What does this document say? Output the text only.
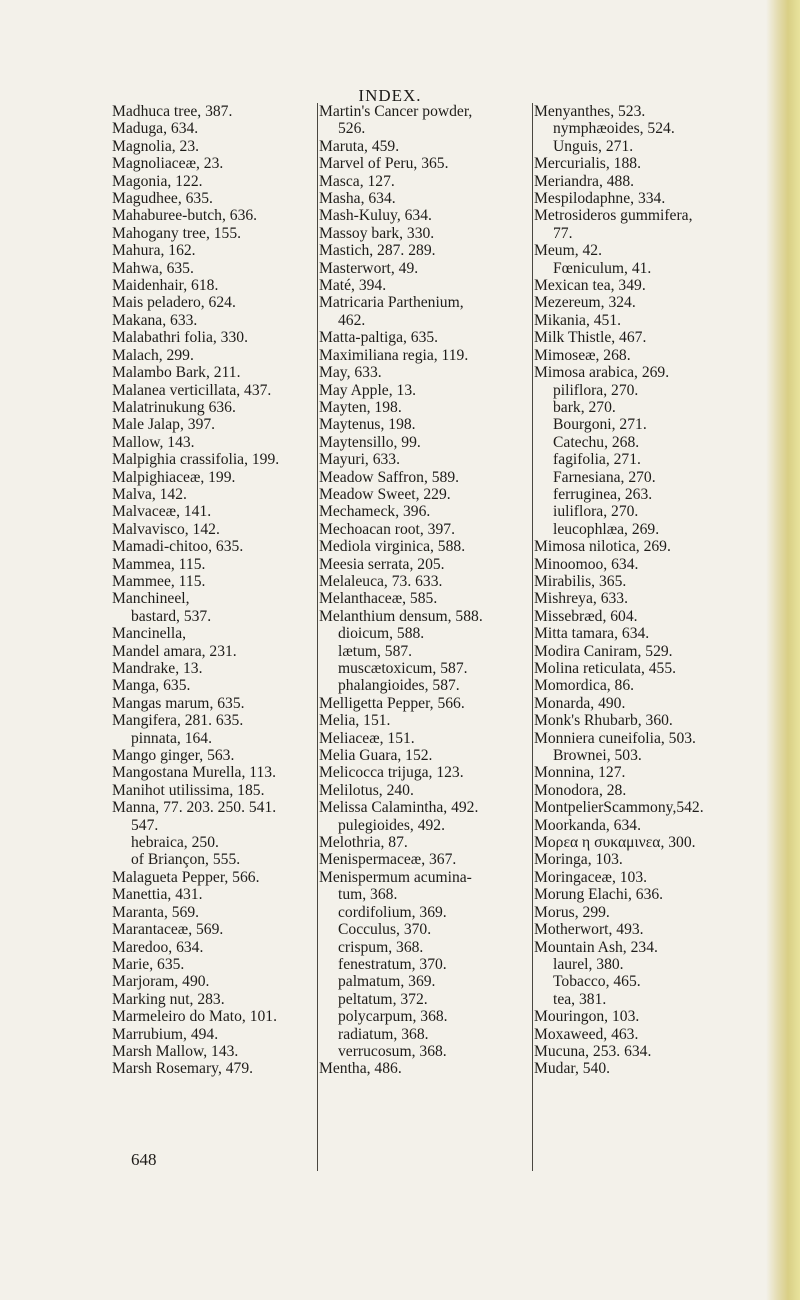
INDEX.
Madhuca tree, 387.
Maduga, 634.
Magnolia, 23.
Magnoliaceæ, 23.
Magonia, 122.
Magudhee, 635.
Mahaburee-butch, 636.
Mahogany tree, 155.
Mahura, 162.
Mahwa, 635.
Maidenhair, 618.
Mais peladero, 624.
Makana, 633.
Malabathri folia, 330.
Malach, 299.
Malambo Bark, 211.
Malanea verticillata, 437.
Malatrinukung 636.
Male Jalap, 397.
Mallow, 143.
Malpighia crassifolia, 199.
Malpighiaceæ, 199.
Malva, 142.
Malvaceæ, 141.
Malvavisco, 142.
Mamadi-chitoo, 635.
Mammea, 115.
Mammee, 115.
Manchineel,
bastard, 537.
Mancinella,
Mandel amara, 231.
Mandrake, 13.
Manga, 635.
Mangas marum, 635.
Mangifera, 281. 635.
pinnata, 164.
Mango ginger, 563.
Mangostana Murella, 113.
Manihot utilissima, 185.
Manna, 77. 203. 250. 541.
547.
hebraica, 250.
of Briançon, 555.
Malagueta Pepper, 566.
Manettia, 431.
Maranta, 569.
Marantaceæ, 569.
Maredoo, 634.
Marie, 635.
Marjoram, 490.
Marking nut, 283.
Marmeleiro do Mato, 101.
Marrubium, 494.
Marsh Mallow, 143.
Marsh Rosemary, 479.
Martin's Cancer powder,
526.
Maruta, 459.
Marvel of Peru, 365.
Masca, 127.
Masha, 634.
Mash-Kuluy, 634.
Massoy bark, 330.
Mastich, 287. 289.
Masterwort, 49.
Maté, 394.
Matricaria Parthenium,
462.
Matta-paltiga, 635.
Maximiliana regia, 119.
May, 633.
May Apple, 13.
Mayten, 198.
Maytenus, 198.
Maytensillo, 99.
Mayuri, 633.
Meadow Saffron, 589.
Meadow Sweet, 229.
Mechameck, 396.
Mechoacan root, 397.
Mediola virginica, 588.
Meesia serrata, 205.
Melaleuca, 73. 633.
Melanthaceæ, 585.
Melanthium densum, 588.
dioicum, 588.
lætum, 587.
muscætoxicum, 587.
phalangioides, 587.
Melligetta Pepper, 566.
Melia, 151.
Meliaceæ, 151.
Melia Guara, 152.
Melicocca trijuga, 123.
Melilotus, 240.
Melissa Calamintha, 492.
pulegioides, 492.
Melothria, 87.
Menispermaceæ, 367.
Menispermum acumina-
tum, 368.
cordifolium, 369.
Cocculus, 370.
crispum, 368.
fenestratum, 370.
palmatum, 369.
peltatum, 372.
polycarpum, 368.
radiatum, 368.
verrucosum, 368.
Mentha, 486.
Menyanthes, 523.
nymphæoides, 524.
Unguis, 271.
Mercurialis, 188.
Meriandra, 488.
Mespilodaphne, 334.
Metrosideros gummifera,
77.
Meum, 42.
Fœniculum, 41.
Mexican tea, 349.
Mezereum, 324.
Mikania, 451.
Milk Thistle, 467.
Mimoseæ, 268.
Mimosa arabica, 269.
piliflora, 270.
bark, 270.
Bourgoni, 271.
Catechu, 268.
fagifolia, 271.
Farnesiana, 270.
ferruginea, 263.
iuliflora, 270.
leucophlæa, 269.
Mimosa nilotica, 269.
Minoomoo, 634.
Mirabilis, 365.
Mishreya, 633.
Missebræd, 604.
Mitta tamara, 634.
Modira Caniram, 529.
Molina reticulata, 455.
Momordica, 86.
Monarda, 490.
Monk's Rhubarb, 360.
Monniera cuneifolia, 503.
Brownei, 503.
Monnina, 127.
Monodora, 28.
MontpelierScammony,542.
Moorkanda, 634.
Μορεα η συκαμινεα, 300.
Moringa, 103.
Moringaceæ, 103.
Morung Elachi, 636.
Morus, 299.
Motherwort, 493.
Mountain Ash, 234.
laurel, 380.
Tobacco, 465.
tea, 381.
Mouringon, 103.
Moxaweed, 463.
Mucuna, 253. 634.
Mudar, 540.
648
